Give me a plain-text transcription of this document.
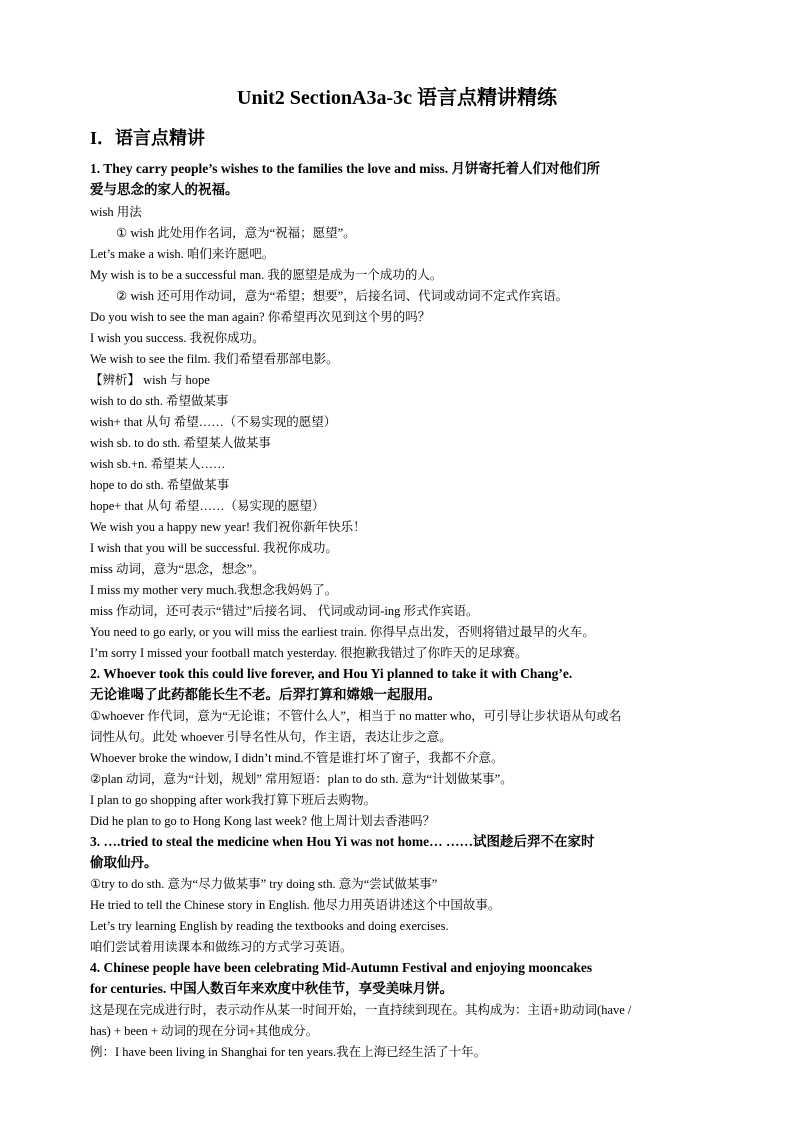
Unit2 SectionA3a-3c 语言点精讲精练
I．语言点精讲
1. They carry people’s wishes to the families the love and miss. 月饼寄托着人们对他们所
爱与思念的家人的祝福。
wish 用法
① wish 此处用作名词，意为“祝福；愿望”。
Let’s make a wish. 咱们来许愿吧。
My wish is to be a successful man. 我的愿望是成为一个成功的人。
② wish 还可用作动词，意为“希望；想要”，后接名词、代词或动词不定式作宾语。
Do you wish to see the man again? 你希望再次见到这个男的吗？
I wish you success. 我祝你成功。
We wish to see the film. 我们希望看那部电影。
【辨析】 wish 与 hope
wish to do sth. 希望做某事
wish+ that 从句 希望……（不易实现的愿望）
wish sb. to do sth. 希望某人做某事
wish sb.+n. 希望某人……
hope to do sth. 希望做某事
hope+ that 从句 希望……（易实现的愿望）
We wish you a happy new year! 我们祝你新年快乐！
I wish that you will be successful. 我祝你成功。
miss 动词，意为“思念，想念”。
I miss my mother very much.我想念我妈妈了。
miss 作动词，还可表示“错过”后接名词、 代词或动词-ing 形式作宾语。
You need to go early, or you will miss the earliest train. 你得早点出发，否则将错过最早的火车。
I’m sorry I missed your football match yesterday. 很抱歉我错过了你昨天的足球赛。
2. Whoever took this could live forever, and Hou Yi planned to take it with Chang’e.
无论谁喝了此药都能长生不老。后羿打算和嫦娥一起服用。
①whoever 作代词，意为“无论谁；不管什么人”，相当于 no matter who，可引导让步状语从句或名
词性从句。此处 whoever 引导名性从句，作主语，表达让步之意。
Whoever broke the window, I didn’t mind.不管是谁打坏了窗子，我都不介意。
②plan 动词，意为“计划，规划” 常用短语：plan to do sth. 意为“计划做某事”。
I plan to go shopping after work我打算下班后去购物。
Did he plan to go to Hong Kong last week? 他上周计划去香港吗？
3. ….tried to steal the medicine when Hou Yi was not home… ……试图趁后羿不在家时
偷取仙丹。
①try to do sth. 意为“尽力做某事” try doing sth. 意为“尝试做某事”
He tried to tell the Chinese story in English. 他尽力用英语讲述这个中国故事。
Let’s try learning English by reading the textbooks and doing exercises.
咱们尝试着用读课本和做练习的方式学习英语。
4. Chinese people have been celebrating Mid-Autumn Festival and enjoying mooncakes
for centuries. 中国人数百年来欢度中秋佳节，享受美味月饼。
这是现在完成进行时，表示动作从某一时间开始，一直持续到现在。其构成为：主语+助动词(have /
has) + been + 动词的现在分词+其他成分。
例：I have been living in Shanghai for ten years.我在上海已经生活了十年。
